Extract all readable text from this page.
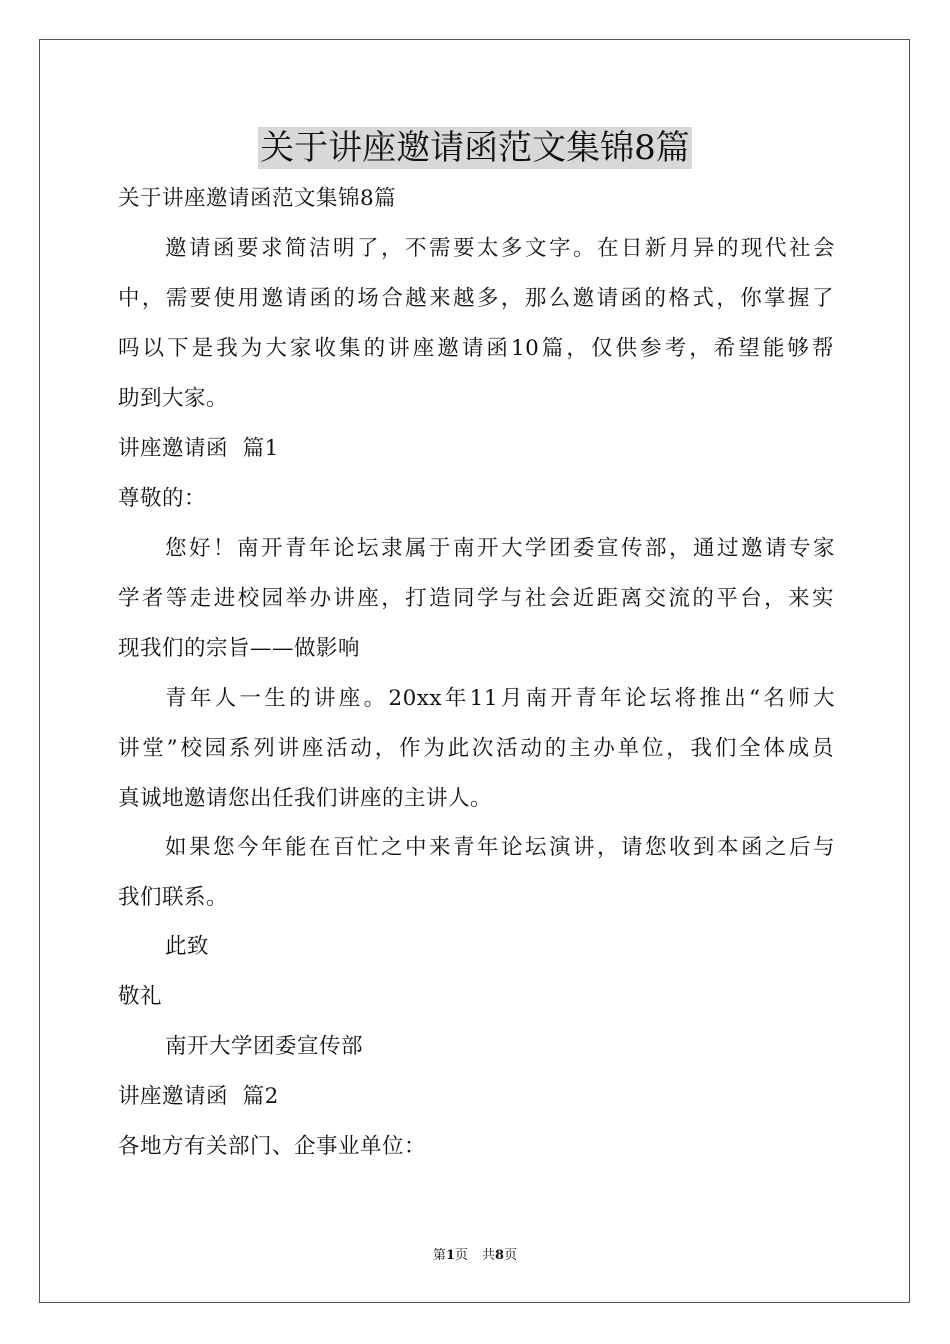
关于讲座邀请函范文集锦8篇
关于讲座邀请函范文集锦8篇
邀请函要求简洁明了，不需要太多文字。在日新月异的现代社会
中，需要使用邀请函的场合越来越多，那么邀请函的格式，你掌握了
吗以下是我为大家收集的讲座邀请函10篇，仅供参考，希望能够帮
助到大家。
讲座邀请函  篇1
尊敬的：
您好！南开青年论坛隶属于南开大学团委宣传部，通过邀请专家
学者等走进校园举办讲座，打造同学与社会近距离交流的平台，来实
现我们的宗旨——做影响
青年人一生的讲座。20xx年11月南开青年论坛将推出“名师大
讲堂”校园系列讲座活动，作为此次活动的主办单位，我们全体成员
真诚地邀请您出任我们讲座的主讲人。
如果您今年能在百忙之中来青年论坛演讲，请您收到本函之后与
我们联系。
此致
敬礼
南开大学团委宣传部
讲座邀请函  篇2
各地方有关部门、企事业单位：
第1页 共8页
